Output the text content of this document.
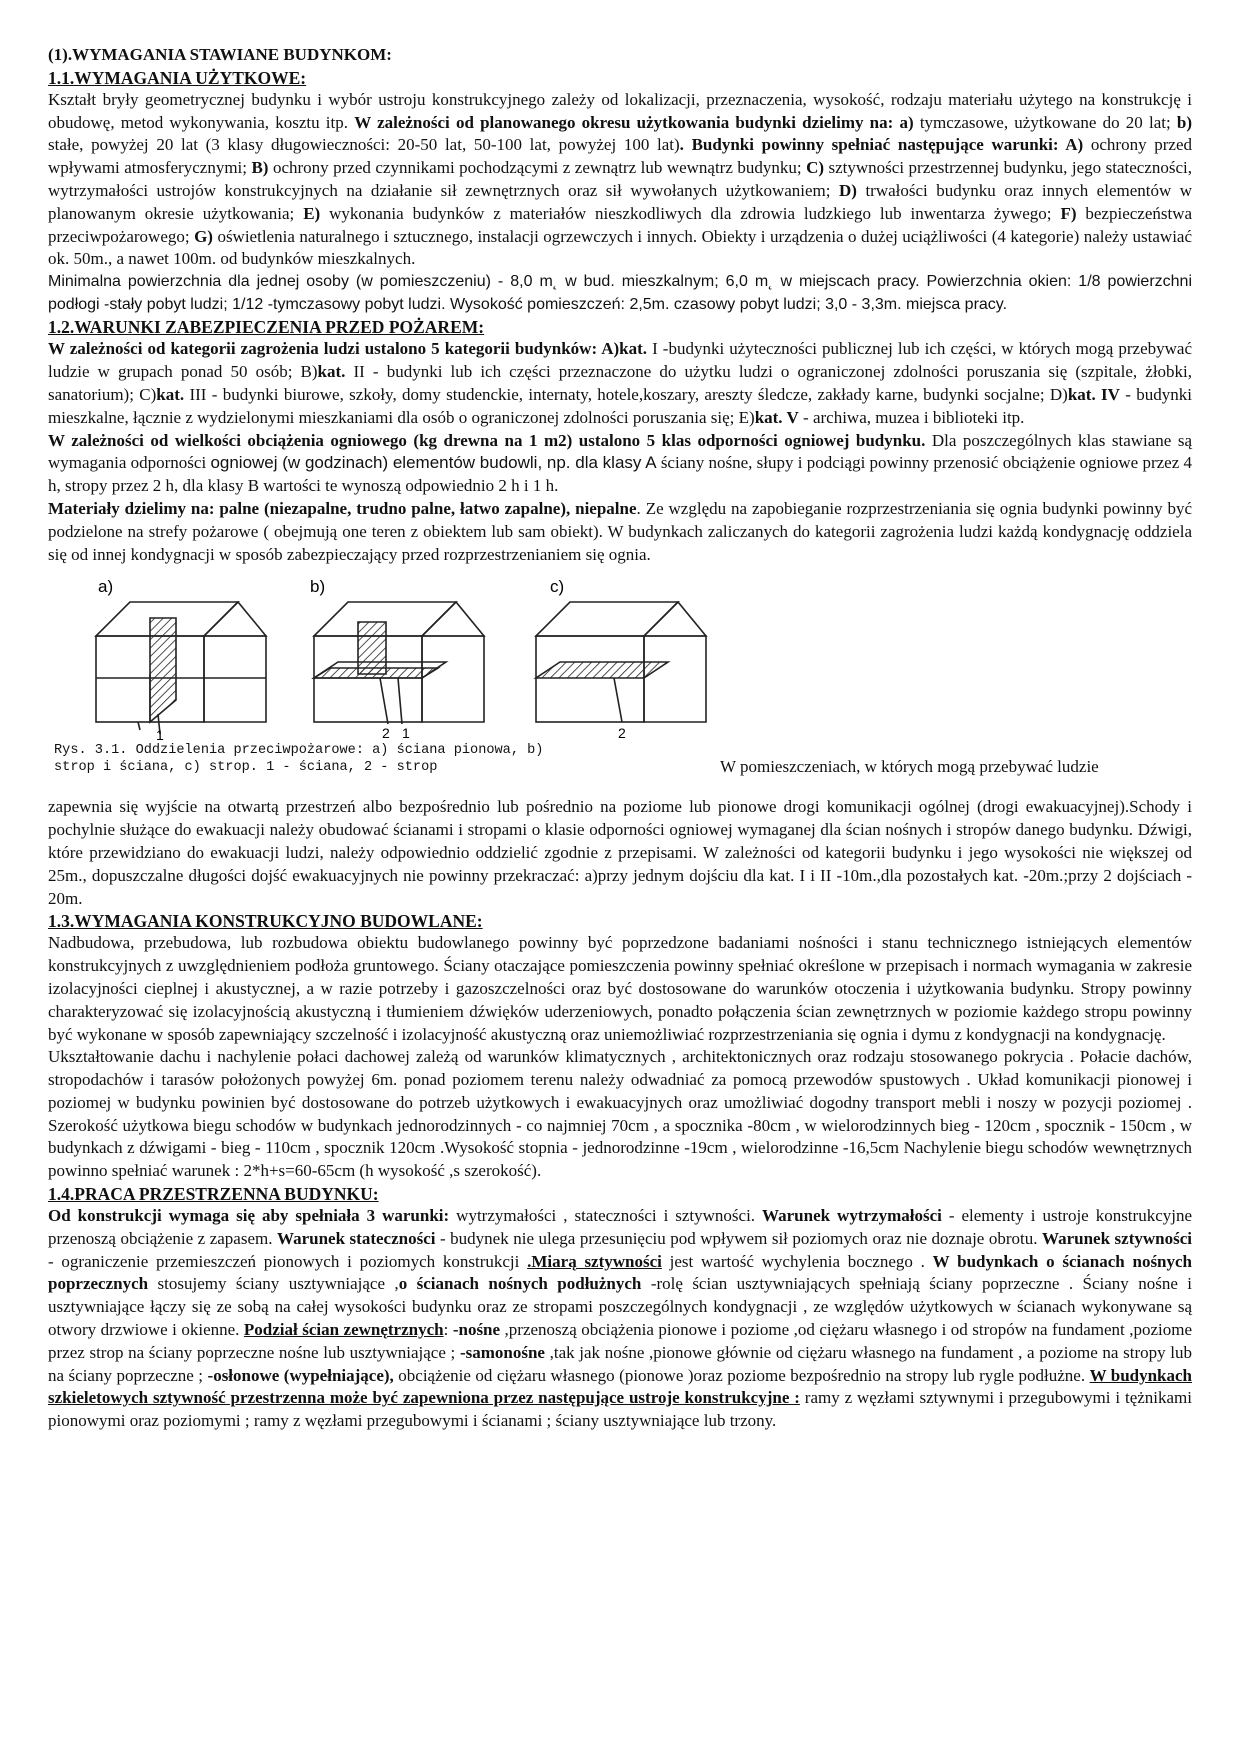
(1).WYMAGANIA STAWIANE BUDYNKOM:

1.1.WYMAGANIA UŻYTKOWE:

Kształt bryły geometrycznej budynku i wybór ustroju konstrukcyjnego zależy od lokalizacji, przeznaczenia, wysokość, rodzaju materiału użytego na konstrukcję i obudowę, metod wykonywania, kosztu itp. W zależności od planowanego okresu użytkowania budynki dzielimy na: a) tymczasowe, użytkowane do 20 lat; b) stałe, powyżej 20 lat (3 klasy długowieczności: 20-50 lat, 50-100 lat, powyżej 100 lat). Budynki powinny spełniać następujące warunki: A) ochrony przed wpływami atmosferycznymi; B) ochrony przed czynnikami pochodzącymi z zewnątrz lub wewnątrz budynku; C) sztywności przestrzennej budynku, jego stateczności, wytrzymałości ustrojów konstrukcyjnych na działanie sił zewnętrznych oraz sił wywołanych użytkowaniem; D) trwałości budynku oraz innych elementów w planowanym okresie użytkowania; E) wykonania budynków z materiałów nieszkodliwych dla zdrowia ludzkiego lub inwentarza żywego; F) bezpieczeństwa przeciwpożarowego; G) oświetlenia naturalnego i sztucznego, instalacji ogrzewczych i innych. Obiekty i urządzenia o dużej uciążliwości (4 kategorie) należy ustawiać ok. 50m., a nawet 100m. od budynków mieszkalnych.

Minimalna powierzchnia dla jednej osoby (w pomieszczeniu) - 8,0 m˛ w bud. mieszkalnym; 6,0 m˛ w miejscach pracy. Powierzchnia okien: 1/8 powierzchni podłogi -stały pobyt ludzi; 1/12 -tymczasowy pobyt ludzi. Wysokość pomieszczeń: 2,5m. czasowy pobyt ludzi; 3,0 - 3,3m. miejsca pracy.

1.2.WARUNKI ZABEZPIECZENIA PRZED POŻAREM:

W zależności od kategorii zagrożenia ludzi ustalono 5 kategorii budynków: A)kat. I -budynki użyteczności publicznej lub ich części, w których mogą przebywać ludzie w grupach ponad 50 osób; B)kat. II - budynki lub ich części przeznaczone do użytku ludzi o ograniczonej zdolności poruszania się (szpitale, żłobki, sanatorium); C)kat. III - budynki biurowe, szkoły, domy studenckie, internaty, hotele,koszary, areszty śledcze, zakłady karne, budynki socjalne; D)kat. IV - budynki mieszkalne, łącznie z wydzielonymi mieszkaniami dla osób o ograniczonej zdolności poruszania się; E)kat. V - archiwa, muzea i biblioteki itp.

W zależności od wielkości obciążenia ogniowego (kg drewna na 1 m2) ustalono 5 klas odporności ogniowej budynku. Dla poszczególnych klas stawiane są wymagania odporności ogniowej (w godzinach) elementów budowli, np. dla klasy A ściany nośne, słupy i podciągi powinny przenosić obciążenie ogniowe przez 4 h, stropy przez 2 h, dla klasy B wartości te wynoszą odpowiednio 2 h i 1 h.

Materiały dzielimy na: palne (niezapalne, trudno palne, łatwo zapalne), niepalne. Ze względu na zapobieganie rozprzestrzeniania się ognia budynki powinny być podzielone na strefy pożarowe ( obejmują one teren z obiektem lub sam obiekt). W budynkach zaliczanych do kategorii zagrożenia ludzi każdą kondygnację oddziela się od innej kondygnacji w sposób zabezpieczający przed rozprzestrzenianiem się ognia.

a)
1
b)
2 1
c)
2
Rys. 3.1. Oddzielenia przeciwpożarowe: a) ściana pionowa, b)
strop i ściana, c) strop. 1 - ściana, 2 - strop	W pomieszczeniach, w których mogą przebywać ludzie

zapewnia się wyjście na otwartą przestrzeń albo bezpośrednio lub pośrednio na poziome lub pionowe drogi komunikacji ogólnej (drogi ewakuacyjnej).Schody i pochylnie służące do ewakuacji należy obudować ścianami i stropami o klasie odporności ogniowej wymaganej dla ścian nośnych i stropów danego budynku. Dźwigi, które przewidziano do ewakuacji ludzi, należy odpowiednio oddzielić zgodnie z przepisami. W zależności od kategorii budynku i jego wysokości nie większej od 25m., dopuszczalne długości dojść ewakuacyjnych nie powinny przekraczać: a)przy jednym dojściu dla kat. I i II -10m.,dla pozostałych kat. -20m.;przy 2 dojściach - 20m.

1.3.WYMAGANIA KONSTRUKCYJNO BUDOWLANE:

Nadbudowa, przebudowa, lub rozbudowa obiektu budowlanego powinny być poprzedzone badaniami nośności i stanu technicznego istniejących elementów konstrukcyjnych z uwzględnieniem podłoża gruntowego. Ściany otaczające pomieszczenia powinny spełniać określone w przepisach i normach wymagania w zakresie izolacyjności cieplnej i akustycznej, a w razie potrzeby i gazoszczelności oraz być dostosowane do warunków otoczenia i użytkowania budynku. Stropy powinny charakteryzować się izolacyjnością akustyczną i tłumieniem dźwięków uderzeniowych, ponadto połączenia ścian zewnętrznych w poziomie każdego stropu powinny być wykonane w sposób zapewniający szczelność i izolacyjność akustyczną oraz uniemożliwiać rozprzestrzeniania się ognia i dymu z kondygnacji na kondygnację.

Ukształtowanie dachu i nachylenie połaci dachowej zależą od warunków klimatycznych , architektonicznych oraz rodzaju stosowanego pokrycia . Połacie dachów, stropodachów i tarasów położonych powyżej 6m. ponad poziomem terenu należy odwadniać za pomocą przewodów spustowych . Układ komunikacji pionowej i poziomej w budynku powinien być dostosowane do potrzeb użytkowych i ewakuacyjnych oraz umożliwiać dogodny transport mebli i noszy w pozycji poziomej . Szerokość użytkowa biegu schodów w budynkach jednorodzinnych - co najmniej 70cm , a spocznika -80cm , w wielorodzinnych bieg - 120cm , spocznik - 150cm , w budynkach z dźwigami - bieg - 110cm , spocznik 120cm .Wysokość stopnia - jednorodzinne -19cm , wielorodzinne -16,5cm Nachylenie biegu schodów wewnętrznych powinno spełniać warunek : 2*h+s=60-65cm (h wysokość ,s szerokość).

1.4.PRACA PRZESTRZENNA BUDYNKU:

Od konstrukcji wymaga się aby spełniała 3 warunki: wytrzymałości , stateczności i sztywności. Warunek wytrzymałości - elementy i ustroje konstrukcyjne przenoszą obciążenie z zapasem. Warunek stateczności - budynek nie ulega przesunięciu pod wpływem sił poziomych oraz nie doznaje obrotu. Warunek sztywności - ograniczenie przemieszczeń pionowych i poziomych konstrukcji .Miarą sztywności jest wartość wychylenia bocznego . W budynkach o ścianach nośnych poprzecznych stosujemy ściany usztywniające ,o ścianach nośnych podłużnych -rolę ścian usztywniających spełniają ściany poprzeczne . Ściany nośne i usztywniające łączy się ze sobą na całej wysokości budynku oraz ze stropami poszczególnych kondygnacji , ze względów użytkowych w ścianach wykonywane są otwory drzwiowe i okienne. Podział ścian zewnętrznych: -nośne ,przenoszą obciążenia pionowe i poziome ,od ciężaru własnego i od stropów na fundament ,poziome przez strop na ściany poprzeczne nośne lub usztywniające ; -samonośne ,tak jak nośne ,pionowe głównie od ciężaru własnego na fundament , a poziome na stropy lub na ściany poprzeczne ; -osłonowe (wypełniające), obciążenie od ciężaru własnego (pionowe )oraz poziome bezpośrednio na stropy lub rygle podłużne. W budynkach szkieletowych sztywność przestrzenna może być zapewniona przez następujące ustroje konstrukcyjne : ramy z węzłami sztywnymi i przegubowymi i tężnikami pionowymi oraz poziomymi ; ramy z węzłami przegubowymi i ścianami ; ściany usztywniające lub trzony.
